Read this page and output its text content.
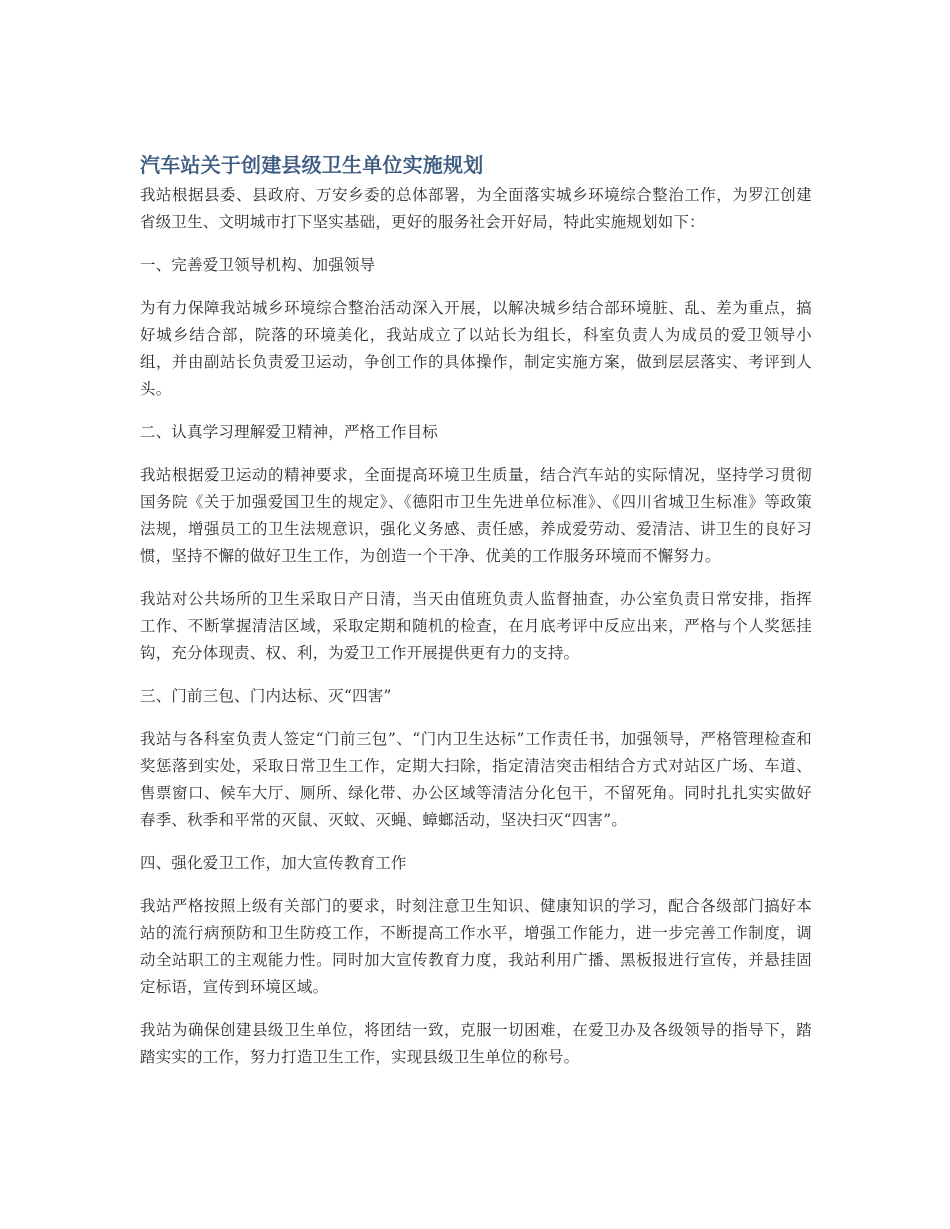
汽车站关于创建县级卫生单位实施规划

我站根据县委、县政府、万安乡委的总体部署，为全面落实城乡环境综合整治工作，为罗江创建省级卫生、文明城市打下坚实基础，更好的服务社会开好局，特此实施规划如下：

一、完善爱卫领导机构、加强领导

为有力保障我站城乡环境综合整治活动深入开展，以解决城乡结合部环境脏、乱、差为重点，搞好城乡结合部，院落的环境美化，我站成立了以站长为组长，科室负责人为成员的爱卫领导小组，并由副站长负责爱卫运动，争创工作的具体操作，制定实施方案，做到层层落实、考评到人头。

二、认真学习理解爱卫精神，严格工作目标

我站根据爱卫运动的精神要求，全面提高环境卫生质量，结合汽车站的实际情况，坚持学习贯彻国务院《关于加强爱国卫生的规定》、《德阳市卫生先进单位标准》、《四川省城卫生标准》等政策法规，增强员工的卫生法规意识，强化义务感、责任感，养成爱劳动、爱清洁、讲卫生的良好习惯，坚持不懈的做好卫生工作，为创造一个干净、优美的工作服务环境而不懈努力。

我站对公共场所的卫生采取日产日清，当天由值班负责人监督抽查，办公室负责日常安排，指挥工作、不断掌握清洁区域，采取定期和随机的检查，在月底考评中反应出来，严格与个人奖惩挂钩，充分体现责、权、利，为爱卫工作开展提供更有力的支持。

三、门前三包、门内达标、灭“四害”

我站与各科室负责人签定“门前三包”、“门内卫生达标”工作责任书，加强领导，严格管理检查和奖惩落到实处，采取日常卫生工作，定期大扫除，指定清洁突击相结合方式对站区广场、车道、售票窗口、候车大厅、厕所、绿化带、办公区域等清洁分化包干，不留死角。同时扎扎实实做好春季、秋季和平常的灭鼠、灭蚊、灭蝇、蟑螂活动，坚决扫灭“四害”。

四、强化爱卫工作，加大宣传教育工作

我站严格按照上级有关部门的要求，时刻注意卫生知识、健康知识的学习，配合各级部门搞好本站的流行病预防和卫生防疫工作，不断提高工作水平，增强工作能力，进一步完善工作制度，调动全站职工的主观能力性。同时加大宣传教育力度，我站利用广播、黑板报进行宣传，并悬挂固定标语，宣传到环境区域。

我站为确保创建县级卫生单位，将团结一致，克服一切困难，在爱卫办及各级领导的指导下，踏踏实实的工作，努力打造卫生工作，实现县级卫生单位的称号。
